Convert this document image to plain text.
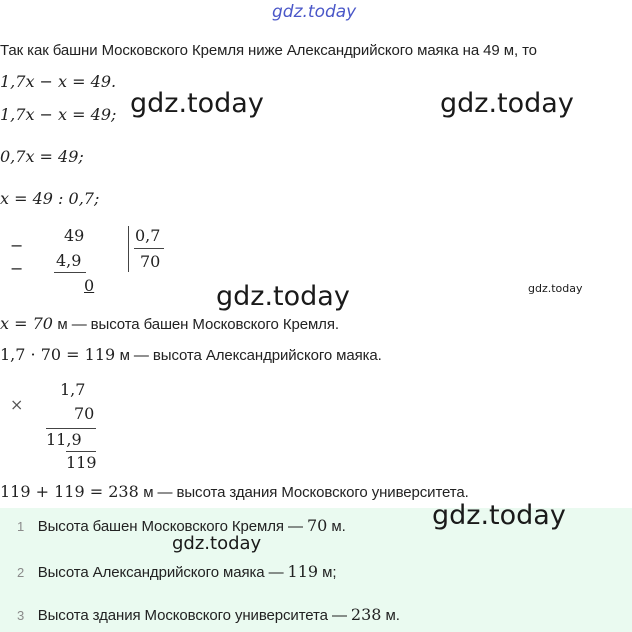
gdz.today
Так как башни Московского Кремля ниже Александрийского маяка на 49 м, то
1,7x − x = 49.
1,7x − x = 49;
0,7x = 49;
x = 49 : 0,7;
gdz.today	gdz.today
−
−
49
4,9
0
0,7
70
gdz.today
gdz.today
x = 70 м — высота башен Московского Кремля.
1,7 · 70 = 119 м — высота Александрийского маяка.
×
1,7
70
11,9
119
119 + 119 = 238 м — высота здания Московского университета.
1 Высота башен Московского Кремля — 70 м.
2 Высота Александрийского маяка — 119 м;
3 Высота здания Московского университета — 238 м.
gdz.today
gdz.today
